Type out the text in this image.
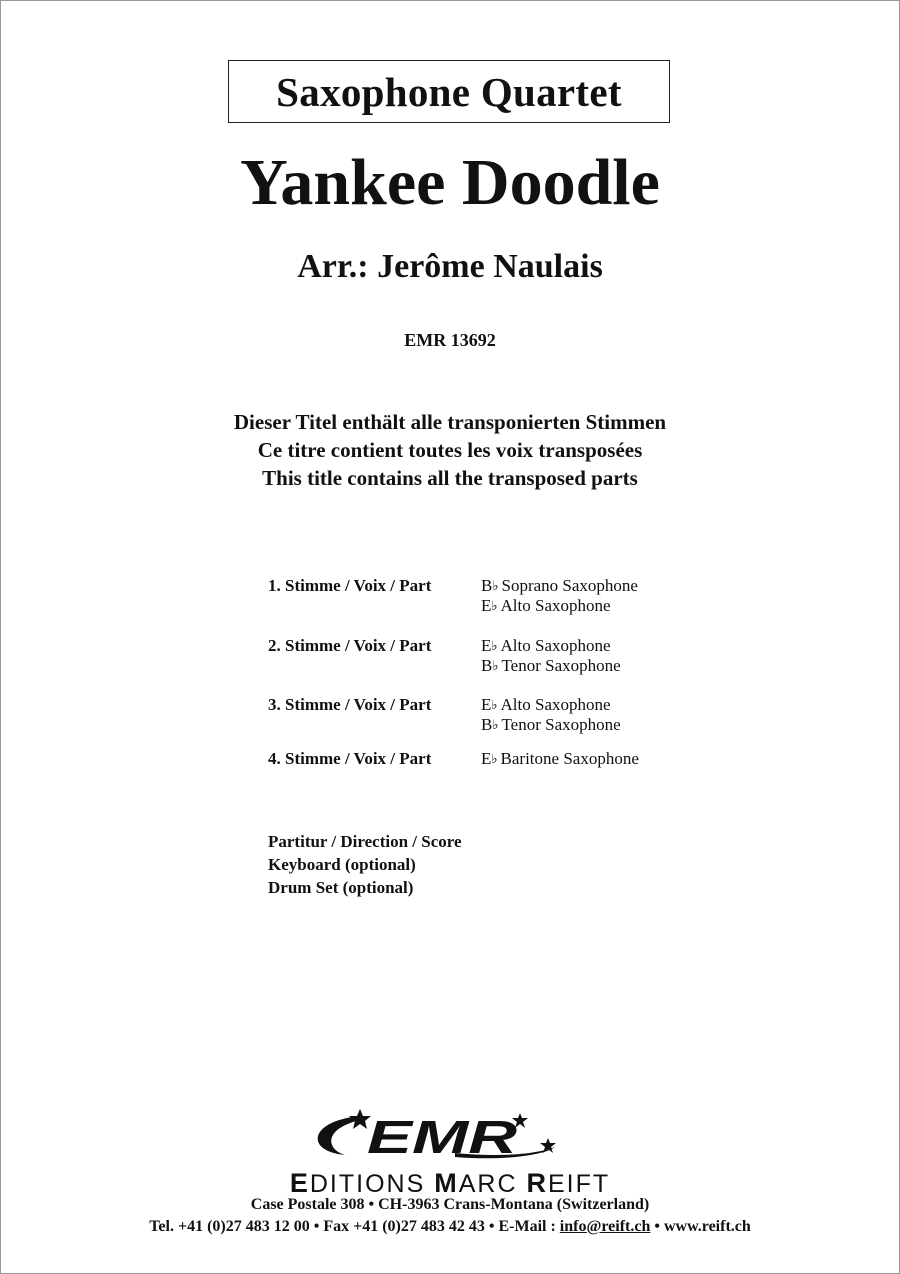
Saxophone Quartet
Yankee Doodle
Arr.: Jerôme Naulais
EMR 13692
Dieser Titel enthält alle transponierten Stimmen
Ce titre contient toutes les voix transposées
This title contains all the transposed parts
1. Stimme / Voix / Part	B♭ Soprano Saxophone
E♭ Alto Saxophone
2. Stimme / Voix / Part	E♭ Alto Saxophone
B♭ Tenor Saxophone
3. Stimme / Voix / Part	E♭ Alto Saxophone
B♭ Tenor Saxophone
4. Stimme / Voix / Part	E♭ Baritone Saxophone
Partitur / Direction / Score
Keyboard (optional)
Drum Set (optional)
EMR
EDITIONS MARC REIFT
Case Postale 308 • CH-3963 Crans-Montana (Switzerland)
Tel. +41 (0)27 483 12 00 • Fax +41 (0)27 483 42 43 • E-Mail : info@reift.ch • www.reift.ch
